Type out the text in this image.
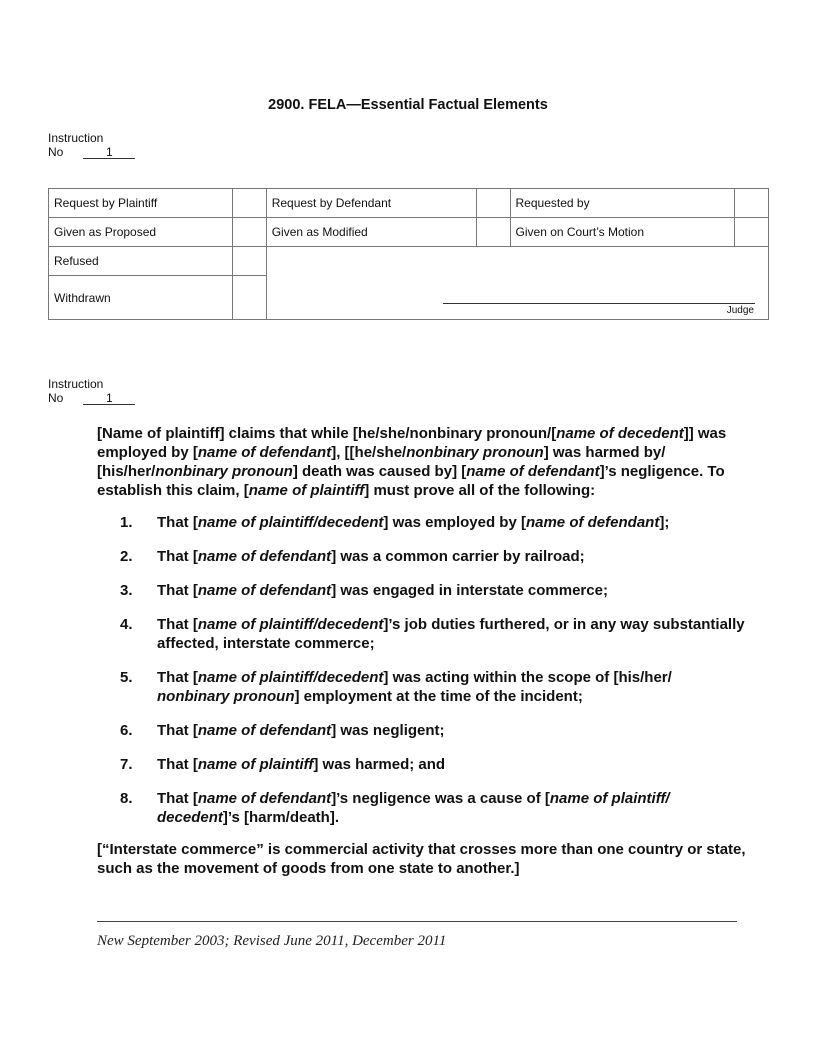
2900. FELA—Essential Factual Elements
Instruction
No	1
Request by Plaintiff		Request by Defendant		Requested by	
Given as Proposed		Given as Modified		Given on Court’s Motion	
Refused		Judge			

Withdrawn					
Instruction
No	1
[Name of plaintiff] claims that while [he/she/nonbinary pronoun/[name of decedent]] was employed by [name of defendant], [[he/she/nonbinary pronoun] was harmed by/ [his/her/nonbinary pronoun] death was caused by] [name of defendant]’s negligence. To establish this claim, [name of plaintiff] must prove all of the following:
1.	That [name of plaintiff/decedent] was employed by [name of defendant];
2.	That [name of defendant] was a common carrier by railroad;
3.	That [name of defendant] was engaged in interstate commerce;
4.	That [name of plaintiff/decedent]’s job duties furthered, or in any way substantially affected, interstate commerce;
5.	That [name of plaintiff/decedent] was acting within the scope of [his/her/ nonbinary pronoun] employment at the time of the incident;
6.	That [name of defendant] was negligent;
7.	That [name of plaintiff] was harmed; and
8.	That [name of defendant]’s negligence was a cause of [name of plaintiff/ decedent]’s [harm/death].
[“Interstate commerce” is commercial activity that crosses more than one country or state, such as the movement of goods from one state to another.]
New September 2003; Revised June 2011, December 2011
